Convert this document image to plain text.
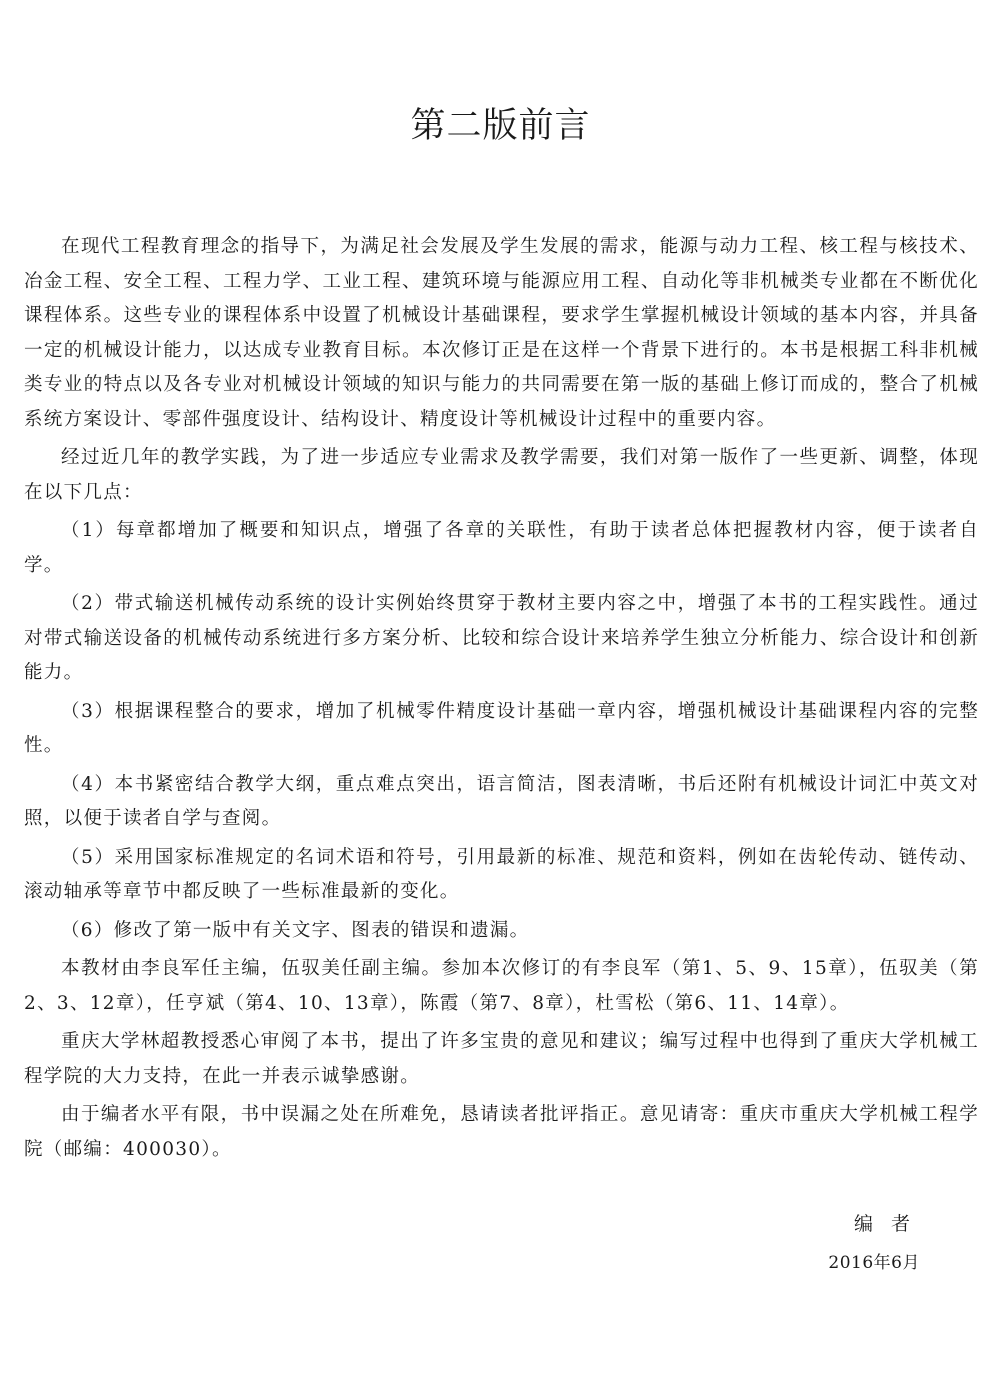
第二版前言

在现代工程教育理念的指导下，为满足社会发展及学生发展的需求，能源与动力工程、核工程与核技术、冶金工程、安全工程、工程力学、工业工程、建筑环境与能源应用工程、自动化等非机械类专业都在不断优化课程体系。这些专业的课程体系中设置了机械设计基础课程，要求学生掌握机械设计领域的基本内容，并具备一定的机械设计能力，以达成专业教育目标。本次修订正是在这样一个背景下进行的。本书是根据工科非机械类专业的特点以及各专业对机械设计领域的知识与能力的共同需要在第一版的基础上修订而成的，整合了机械系统方案设计、零部件强度设计、结构设计、精度设计等机械设计过程中的重要内容。

经过近几年的教学实践，为了进一步适应专业需求及教学需要，我们对第一版作了一些更新、调整，体现在以下几点：

（1）每章都增加了概要和知识点，增强了各章的关联性，有助于读者总体把握教材内容，便于读者自学。

（2）带式输送机械传动系统的设计实例始终贯穿于教材主要内容之中，增强了本书的工程实践性。通过对带式输送设备的机械传动系统进行多方案分析、比较和综合设计来培养学生独立分析能力、综合设计和创新能力。

（3）根据课程整合的要求，增加了机械零件精度设计基础一章内容，增强机械设计基础课程内容的完整性。

（4）本书紧密结合教学大纲，重点难点突出，语言简洁，图表清晰，书后还附有机械设计词汇中英文对照，以便于读者自学与查阅。

（5）采用国家标准规定的名词术语和符号，引用最新的标准、规范和资料，例如在齿轮传动、链传动、滚动轴承等章节中都反映了一些标准最新的变化。

（6）修改了第一版中有关文字、图表的错误和遗漏。

本教材由李良军任主编，伍驭美任副主编。参加本次修订的有李良军（第1、5、9、15章），伍驭美（第2、3、12章），任亨斌（第4、10、13章），陈霞（第7、8章），杜雪松（第6、11、14章）。

重庆大学林超教授悉心审阅了本书，提出了许多宝贵的意见和建议；编写过程中也得到了重庆大学机械工程学院的大力支持，在此一并表示诚挚感谢。

由于编者水平有限，书中误漏之处在所难免，恳请读者批评指正。意见请寄：重庆市重庆大学机械工程学院（邮编：400030）。

编者
2016年6月
